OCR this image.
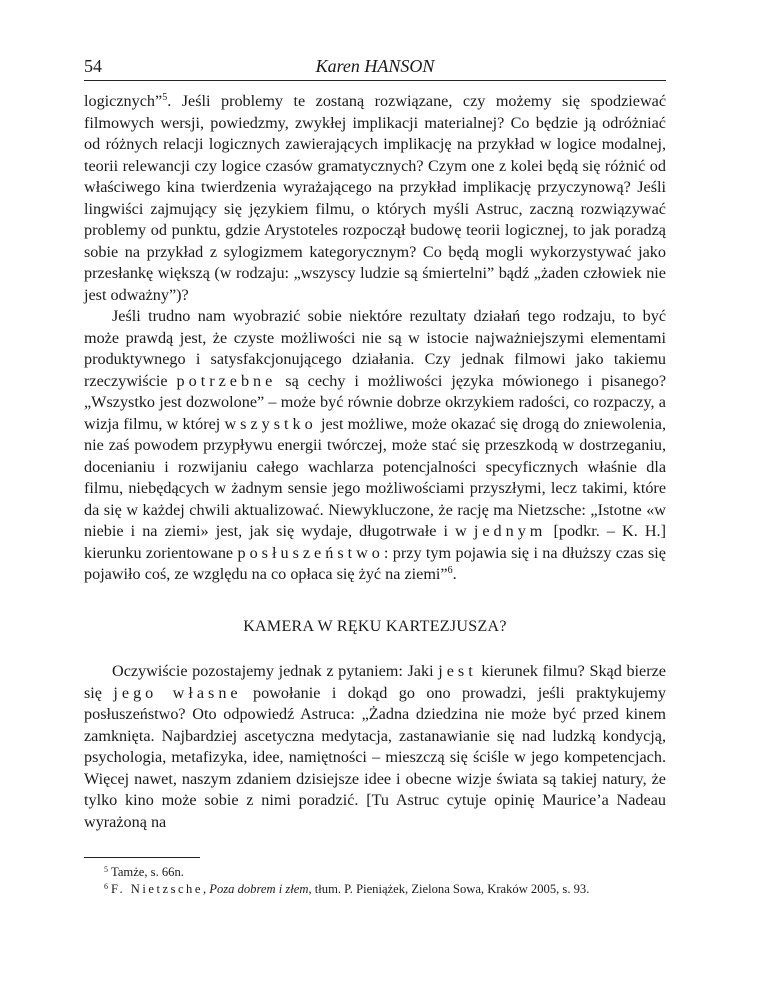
54	Karen HANSON

logicznych”$^5$. Jeśli problemy te zostaną rozwiązane, czy możemy się spodziewać filmowych wersji, powiedzmy, zwykłej implikacji materialnej? Co będzie ją odróżniać od różnych relacji logicznych zawierających implikację na przykład w logice modalnej, teorii relewancji czy logice czasów gramatycznych? Czym one z kolei będą się różnić od właściwego kina twierdzenia wyrażającego na przykład implikację przyczynową? Jeśli lingwiści zajmujący się językiem filmu, o których myśli Astruc, zaczną rozwiązywać problemy od punktu, gdzie Arystoteles rozpoczął budowę teorii logicznej, to jak poradzą sobie na przykład z sylogizmem kategorycznym? Co będą mogli wykorzystywać jako przesłankę większą (w rodzaju: „wszyscy ludzie są śmiertelni” bądź „żaden człowiek nie jest odważny”)?

Jeśli trudno nam wyobrazić sobie niektóre rezultaty działań tego rodzaju, to być może prawdą jest, że czyste możliwości nie są w istocie najważniejszymi elementami produktywnego i satysfakcjonującego działania. Czy jednak filmowi jako takiemu rzeczywiście potrzebne są cechy i możliwości języka mówionego i pisanego? „Wszystko jest dozwolone” – może być równie dobrze okrzykiem radości, co rozpaczy, a wizja filmu, w której wszystko jest możliwe, może okazać się drogą do zniewolenia, nie zaś powodem przypływu energii twórczej, może stać się przeszkodą w dostrzeganiu, docenianiu i rozwijaniu całego wachlarza potencjalności specyficznych właśnie dla filmu, niebędących w żadnym sensie jego możliwościami przyszłymi, lecz takimi, które da się w każdej chwili aktualizować. Niewykluczone, że rację ma Nietzsche: „Istotne «w niebie i na ziemi» jest, jak się wydaje, długotrwałe i w jednym [podkr. – K. H.] kierunku zorientowane posłuszeństwo: przy tym pojawia się i na dłuższy czas się pojawiło coś, ze względu na co opłaca się żyć na ziemi”$^6$.

KAMERA W RĘKU KARTEZJUSZA?

Oczywiście pozostajemy jednak z pytaniem: Jaki jest kierunek filmu? Skąd bierze się jego własne powołanie i dokąd go ono prowadzi, jeśli praktykujemy posłuszeństwo? Oto odpowiedź Astruca: „Żadna dziedzina nie może być przed kinem zamknięta. Najbardziej ascetyczna medytacja, zastanawianie się nad ludzką kondycją, psychologia, metafizyka, idee, namiętności – mieszczą się ściśle w jego kompetencjach. Więcej nawet, naszym zdaniem dzisiejsze idee i obecne wizje świata są takiej natury, że tylko kino może sobie z nimi poradzić. [Tu Astruc cytuje opinię Maurice’a Nadeau wyrażoną na

$^5$ Tamże, s. 66n.
$^6$ F. Nietzsche, Poza dobrem i złem, tłum. P. Pieniążek, Zielona Sowa, Kraków 2005, s. 93.
